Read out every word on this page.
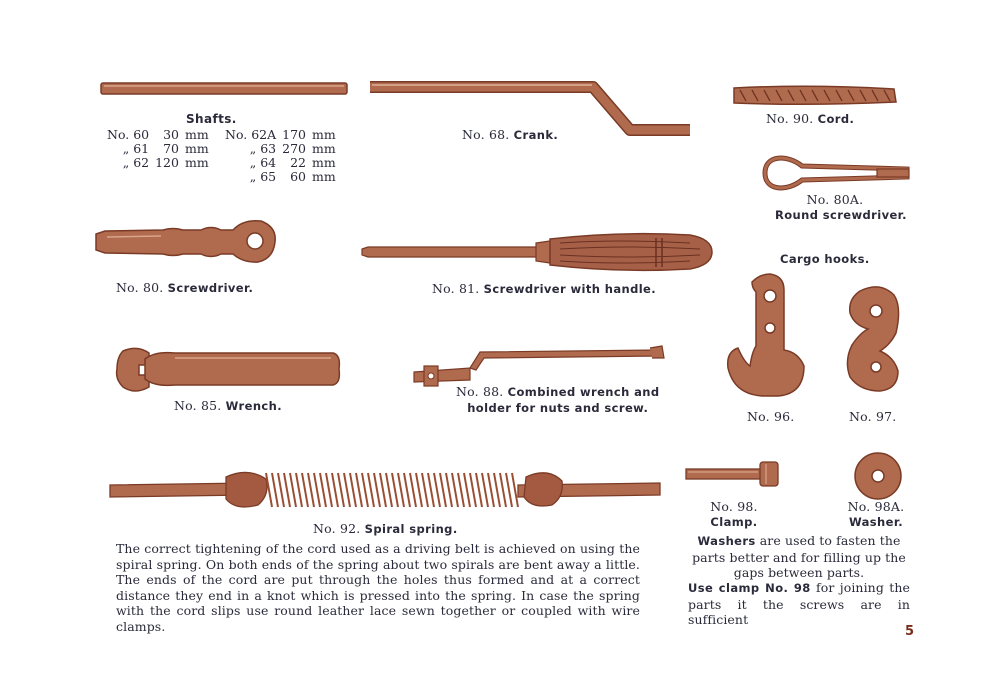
Shafts.
No. 60	30	mm
„ 61	70	mm
„ 62	120	mm
No. 62A	170	mm
„ 63	270	mm
„ 64	22	mm
„ 65	60	mm
No. 68. Crank.
No. 90. Cord.
No. 80A.
Round screwdriver.
No. 80. Screwdriver.	No. 81. Screwdriver with handle.
Cargo hooks.
No. 96.	No. 97.
No. 85. Wrench.
No. 88. Combined wrench and
holder for nuts and screw.
No. 92. Spiral spring.
No. 98.
Clamp.
No. 98A.
Washer.
The correct tightening of the cord used as a driving belt is achieved on using the spiral spring. On both ends of the spring about two spirals are bent away a little. The ends of the cord are put through the holes thus formed and at a correct distance they end in a knot which is pressed into the spring. In case the spring with the cord slips use round leather lace sewn together or coupled with wire clamps.
Washers are used to fasten the parts better and for filling up the gaps between parts.
Use clamp No. 98 for joining the parts it the screws are in sufficient
5
